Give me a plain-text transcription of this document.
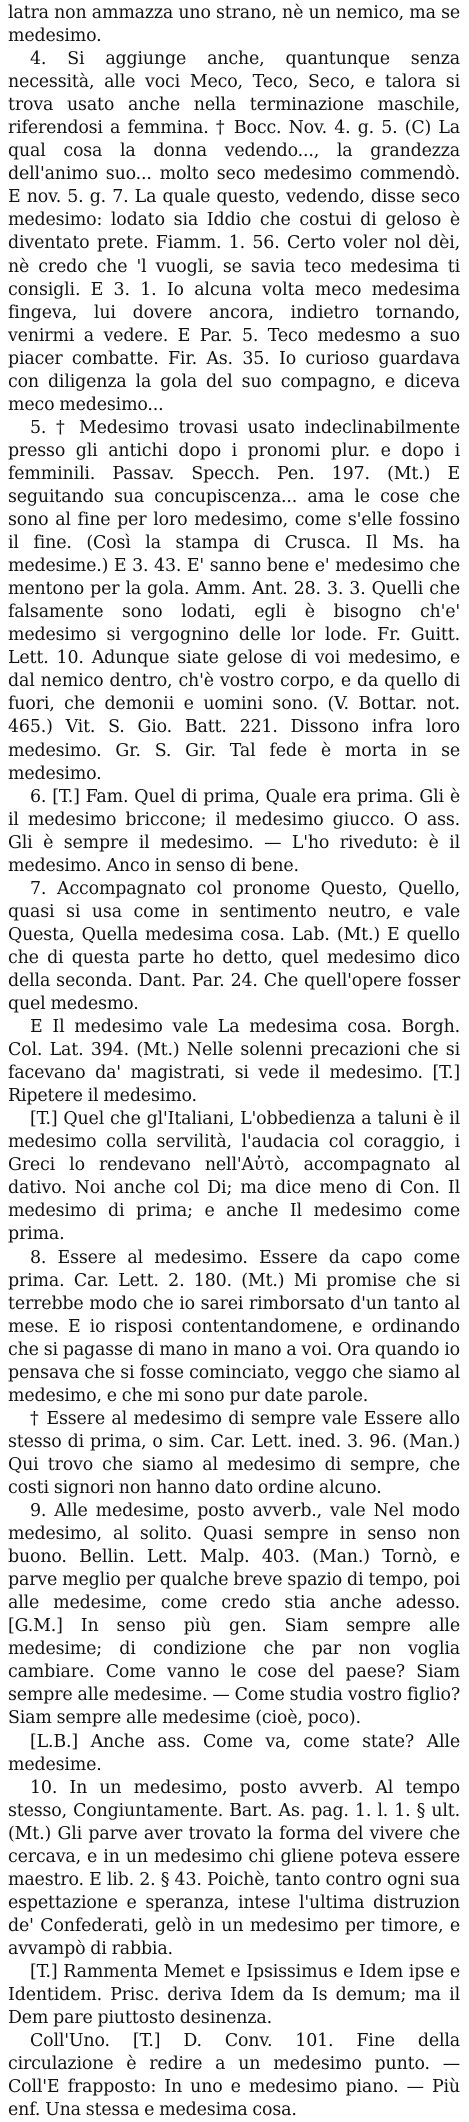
latra non ammazza uno strano, nè un nemico, ma se medesimo.

4. Si aggiunge anche, quantunque senza necessità, alle voci Meco, Teco, Seco, e talora si trova usato anche nella terminazione maschile, riferendosi a femmina. † Bocc. Nov. 4. g. 5. (C) La qual cosa la donna vedendo..., la grandezza dell'animo suo... molto seco medesimo commendò. E nov. 5. g. 7. La quale questo, vedendo, disse seco medesimo: lodato sia Iddio che costui di geloso è diventato prete. Fiamm. 1. 56. Certo voler nol dèi, nè credo che 'l vuogli, se savia teco medesima ti consigli. E 3. 1. Io alcuna volta meco medesima fingeva, lui dovere ancora, indietro tornando, venirmi a vedere. E Par. 5. Teco medesmo a suo piacer combatte. Fir. As. 35. Io curioso guardava con diligenza la gola del suo compagno, e diceva meco medesimo...

5. † Medesimo trovasi usato indeclinabilmente presso gli antichi dopo i pronomi plur. e dopo i femminili. Passav. Specch. Pen. 197. (Mt.) E seguitando sua concupiscenza... ama le cose che sono al fine per loro medesimo, come s'elle fossino il fine. (Così la stampa di Crusca. Il Ms. ha medesime.) E 3. 43. E' sanno bene e' medesimo che mentono per la gola. Amm. Ant. 28. 3. 3. Quelli che falsamente sono lodati, egli è bisogno ch'e' medesimo si vergognino delle lor lode. Fr. Guitt. Lett. 10. Adunque siate gelose di voi medesimo, e dal nemico dentro, ch'è vostro corpo, e da quello di fuori, che demonii e uomini sono. (V. Bottar. not. 465.) Vit. S. Gio. Batt. 221. Dissono infra loro medesimo. Gr. S. Gir. Tal fede è morta in se medesimo.

6. [T.] Fam. Quel di prima, Quale era prima. Gli è il medesimo briccone; il medesimo giucco. O ass. Gli è sempre il medesimo. — L'ho riveduto: è il medesimo. Anco in senso di bene.

7. Accompagnato col pronome Questo, Quello, quasi si usa come in sentimento neutro, e vale Questa, Quella medesima cosa. Lab. (Mt.) E quello che di questa parte ho detto, quel medesimo dico della seconda. Dant. Par. 24. Che quell'opere fosser quel medesmo.

E Il medesimo vale La medesima cosa. Borgh. Col. Lat. 394. (Mt.) Nelle solenni precazioni che si facevano da' magistrati, si vede il medesimo. [T.] Ripetere il medesimo.

[T.] Quel che gl'Italiani, L'obbedienza a taluni è il medesimo colla servilità, l'audacia col coraggio, i Greci lo rendevano nell'Αὐτὸ, accompagnato al dativo. Noi anche col Di; ma dice meno di Con. Il medesimo di prima; e anche Il medesimo come prima.

8. Essere al medesimo. Essere da capo come prima. Car. Lett. 2. 180. (Mt.) Mi promise che si terrebbe modo che io sarei rimborsato d'un tanto al mese. E io risposi contentandomene, e ordinando che si pagasse di mano in mano a voi. Ora quando io pensava che si fosse cominciato, veggo che siamo al medesimo, e che mi sono pur date parole.

† Essere al medesimo di sempre vale Essere allo stesso di prima, o sim. Car. Lett. ined. 3. 96. (Man.) Qui trovo che siamo al medesimo di sempre, che costi signori non hanno dato ordine alcuno.

9. Alle medesime, posto avverb., vale Nel modo medesimo, al solito. Quasi sempre in senso non buono. Bellin. Lett. Malp. 403. (Man.) Tornò, e parve meglio per qualche breve spazio di tempo, poi alle medesime, come credo stia anche adesso. [G.M.] In senso più gen. Siam sempre alle medesime; di condizione che par non voglia cambiare. Come vanno le cose del paese? Siam sempre alle medesime. — Come studia vostro figlio? Siam sempre alle medesime (cioè, poco).

[L.B.] Anche ass. Come va, come state? Alle medesime.

10. In un medesimo, posto avverb. Al tempo stesso, Congiuntamente. Bart. As. pag. 1. l. 1. § ult. (Mt.) Gli parve aver trovato la forma del vivere che cercava, e in un medesimo chi gliene poteva essere maestro. E lib. 2. § 43. Poichè, tanto contro ogni sua espettazione e speranza, intese l'ultima distruzion de' Confederati, gelò in un medesimo per timore, e avvampò di rabbia.

[T.] Rammenta Memet e Ipsissimus e Idem ipse e Identidem. Prisc. deriva Idem da Is demum; ma il Dem pare piuttosto desinenza.

Coll'Uno. [T.] D. Conv. 101. Fine della circulazione è redire a un medesimo punto. — Coll'E frapposto: In uno e medesimo piano. — Più enf. Una stessa e medesima cosa.
